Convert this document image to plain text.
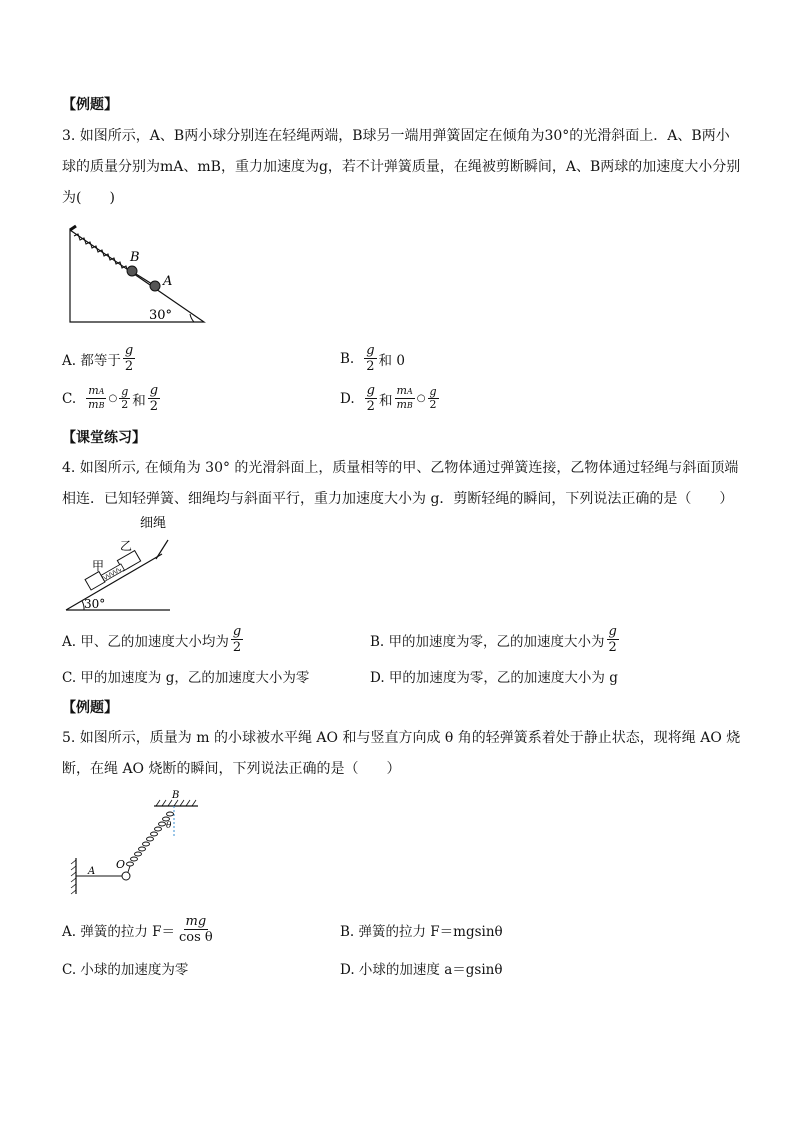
【例题】
3. 如图所示，A、B两小球分别连在轻绳两端，B球另一端用弹簧固定在倾角为30°的光滑斜面上．A、B两小
球的质量分别为mA、mB，重力加速度为g，若不计弹簧质量，在绳被剪断瞬间，A、B两球的加速度大小分别
为(　　)
B
A
30°
A. 都等于 $\frac{g}{2}$	B. $\frac{g}{2}$ 和 0
C. $\frac{mA}{mB}$ ○ $\frac{g}{2}$ 和 $\frac{g}{2}$	D. $\frac{g}{2}$ 和 $\frac{mA}{mB}$ ○ $\frac{g}{2}$
【课堂练习】
4. 如图所示, 在倾角为 30° 的光滑斜面上，质量相等的甲、乙物体通过弹簧连接，乙物体通过轻绳与斜面顶端
相连．已知轻弹簧、细绳均与斜面平行，重力加速度大小为 g．剪断轻绳的瞬间，下列说法正确的是（　　）
细绳
乙
甲
30°
A. 甲、乙的加速度大小均为 $\frac{g}{2}$	B. 甲的加速度为零，乙的加速度大小为 $\frac{g}{2}$
C. 甲的加速度为 g，乙的加速度大小为零	D. 甲的加速度为零，乙的加速度大小为 g
【例题】
5. 如图所示，质量为 m 的小球被水平绳 AO 和与竖直方向成 θ 角的轻弹簧系着处于静止状态，现将绳 AO 烧
断，在绳 AO 烧断的瞬间，下列说法正确的是（　　）
B
θ
A
O
A. 弹簧的拉力 $F= \frac{mg}{\text{cos θ}}$	B. 弹簧的拉力 F＝mgsinθ
C. 小球的加速度为零	D. 小球的加速度 a＝gsinθ
